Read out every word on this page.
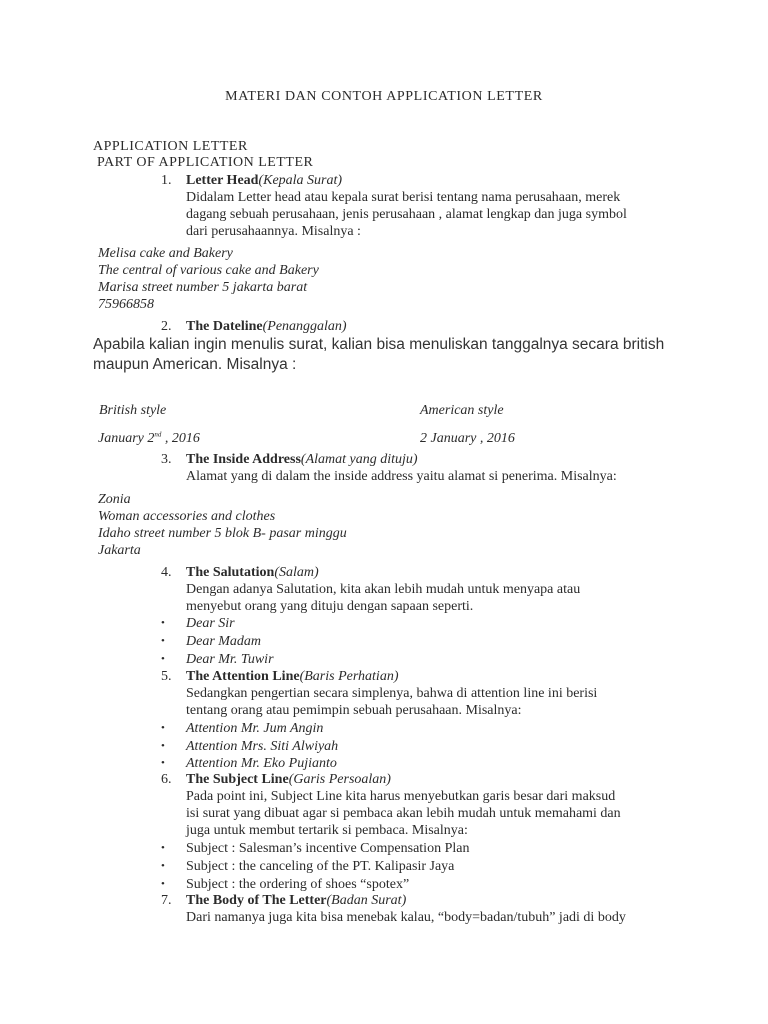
MATERI DAN CONTOH APPLICATION LETTER
APPLICATION LETTER
PART OF APPLICATION LETTER
1.	Letter Head(Kepala Surat)
Didalam Letter head atau kepala surat berisi tentang nama perusahaan, merek
dagang sebuah perusahaan, jenis perusahaan , alamat lengkap dan juga symbol
dari perusahaannya. Misalnya :
Melisa cake and Bakery
The central of various cake and Bakery
Marisa street number 5 jakarta barat
75966858
2.	The Dateline(Penanggalan)
Apabila kalian ingin menulis surat, kalian bisa menuliskan tanggalnya secara british
maupun American. Misalnya :
British style	American style
January 2nd , 2016	2 January , 2016
3.	The Inside Address(Alamat yang dituju)
Alamat yang di dalam the inside address yaitu alamat si penerima. Misalnya:
Zonia
Woman accessories and clothes
Idaho street number 5 blok B- pasar minggu
Jakarta
4.	The Salutation(Salam)
Dengan adanya Salutation, kita akan lebih mudah untuk menyapa atau
menyebut orang yang dituju dengan sapaan seperti.
• Dear Sir
• Dear Madam
• Dear Mr. Tuwir
5.	The Attention Line(Baris Perhatian)
Sedangkan pengertian secara simplenya, bahwa di attention line ini berisi
tentang orang atau pemimpin sebuah perusahaan. Misalnya:
• Attention Mr. Jum Angin
• Attention Mrs. Siti Alwiyah
• Attention Mr. Eko Pujianto
6.	The Subject Line(Garis Persoalan)
Pada point ini, Subject Line kita harus menyebutkan garis besar dari maksud
isi surat yang dibuat agar si pembaca akan lebih mudah untuk memahami dan
juga untuk membut tertarik si pembaca. Misalnya:
• Subject : Salesman’s incentive Compensation Plan
• Subject : the canceling of the PT. Kalipasir Jaya
• Subject : the ordering of shoes “spotex”
7.	The Body of The Letter(Badan Surat)
Dari namanya juga kita bisa menebak kalau, “body=badan/tubuh” jadi di body
